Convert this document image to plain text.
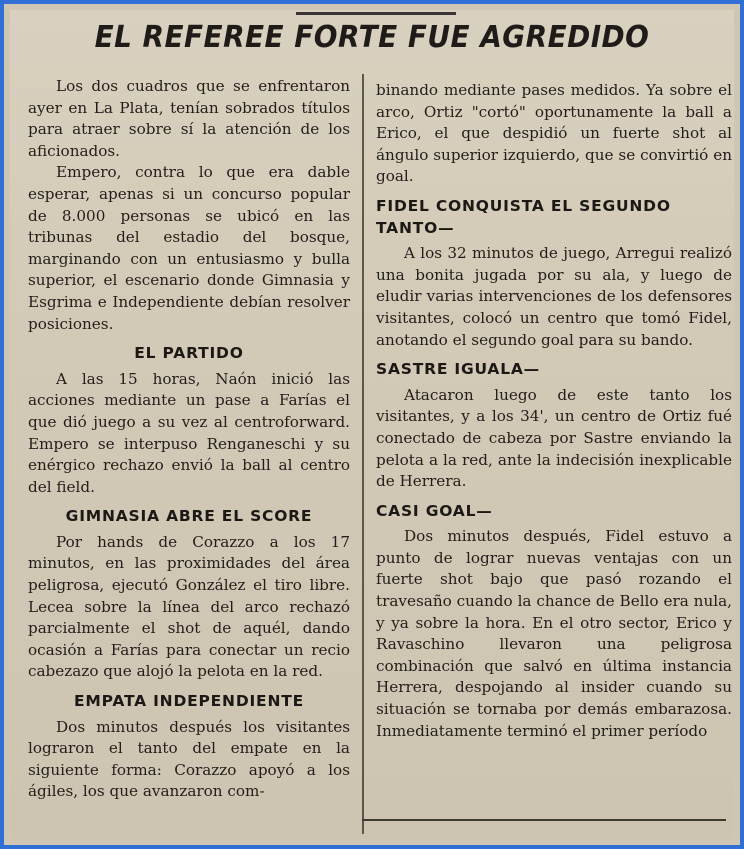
EL REFEREE FORTE FUE AGREDIDO

Los dos cuadros que se enfrentaron ayer en La Plata, tenían sobrados títulos para atraer sobre sí la atención de los aficionados.

Empero, contra lo que era dable esperar, apenas si un concurso popular de 8.000 personas se ubicó en las tribunas del estadio del bosque, marginando con un entusiasmo y bulla superior, el escenario donde Gimnasia y Esgrima e Independiente debían resolver posiciones.

EL PARTIDO

A las 15 horas, Naón inició las acciones mediante un pase a Farías el que dió juego a su vez al centroforward. Empero se interpuso Renganeschi y su enérgico rechazo envió la ball al centro del field.

GIMNASIA ABRE EL SCORE

Por hands de Corazzo a los 17 minutos, en las proximidades del área peligrosa, ejecutó González el tiro libre. Lecea sobre la línea del arco rechazó parcialmente el shot de aquél, dando ocasión a Farías para conectar un recio cabezazo que alojó la pelota en la red.

EMPATA INDEPENDIENTE

Dos minutos después los visitantes lograron el tanto del empate en la siguiente forma: Corazzo apoyó a los ágiles, los que avanzaron com-

binando mediante pases medidos. Ya sobre el arco, Ortiz "cortó" oportunamente la ball a Erico, el que despidió un fuerte shot al ángulo superior izquierdo, que se convirtió en goal.

FIDEL CONQUISTA EL SEGUNDO TANTO—

A los 32 minutos de juego, Arregui realizó una bonita jugada por su ala, y luego de eludir varias intervenciones de los defensores visitantes, colocó un centro que tomó Fidel, anotando el segundo goal para su bando.

SASTRE IGUALA—

Atacaron luego de este tanto los visitantes, y a los 34', un centro de Ortiz fué conectado de cabeza por Sastre enviando la pelota a la red, ante la indecisión inexplicable de Herrera.

CASI GOAL—

Dos minutos después, Fidel estuvo a punto de lograr nuevas ventajas con un fuerte shot bajo que pasó rozando el travesaño cuando la chance de Bello era nula, y ya sobre la hora. En el otro sector, Erico y Ravaschino llevaron una peligrosa combinación que salvó en última instancia Herrera, despojando al insider cuando su situación se tornaba por demás embarazosa. Inmediatamente terminó el primer período
